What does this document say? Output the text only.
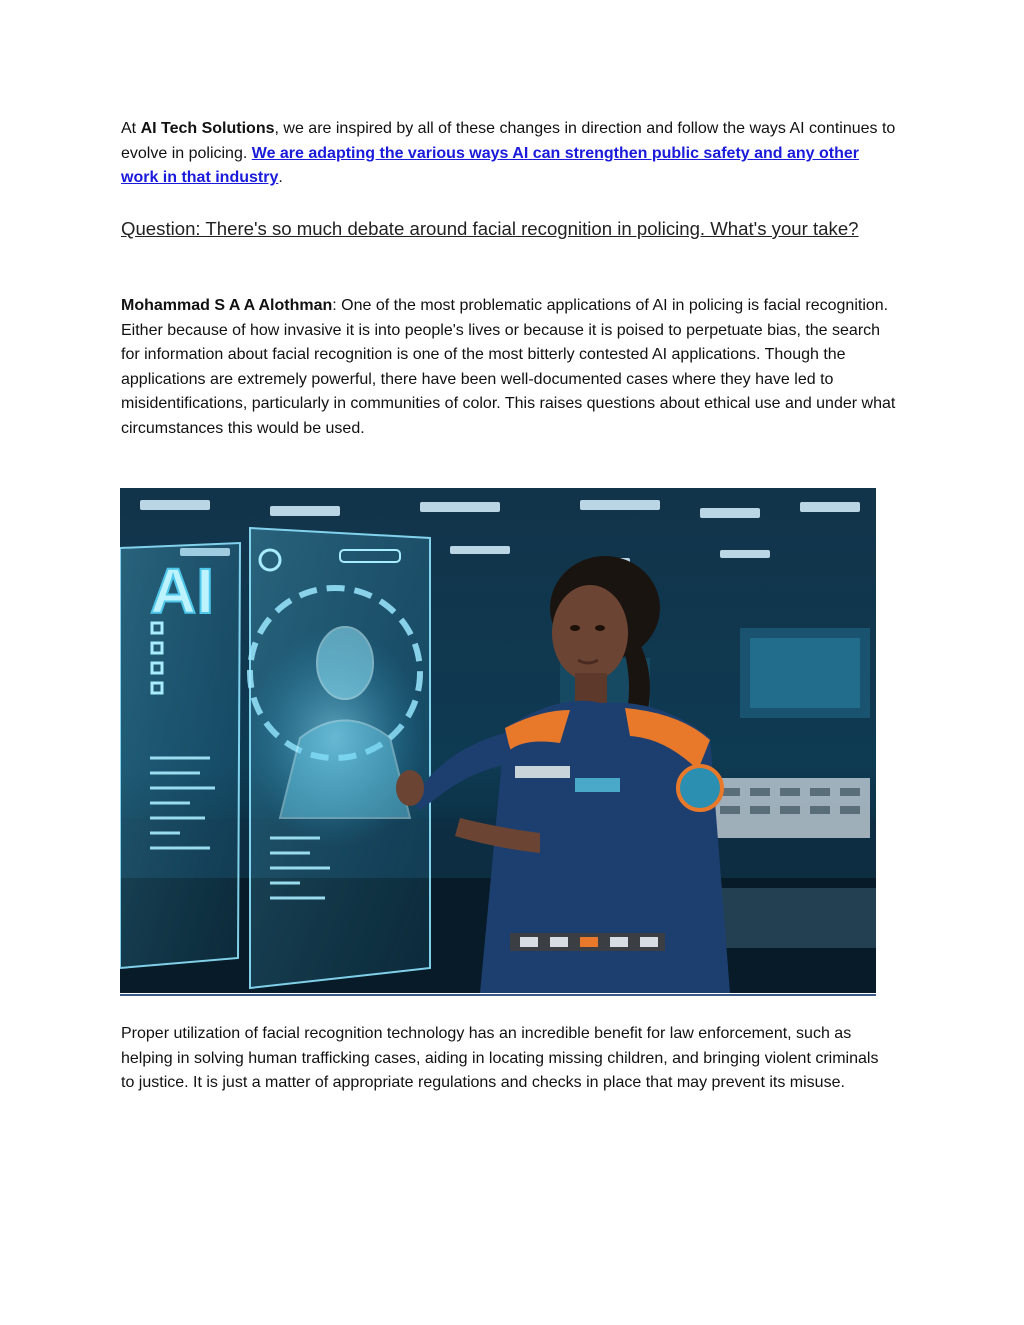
At AI Tech Solutions, we are inspired by all of these changes in direction and follow the ways AI continues to evolve in policing. We are adapting the various ways AI can strengthen public safety and any other work in that industry.

Question: There's so much debate around facial recognition in policing. What's your take?

Mohammad S A A Alothman: One of the most problematic applications of AI in policing is facial recognition. Either because of how invasive it is into people's lives or because it is poised to perpetuate bias, the search for information about facial recognition is one of the most bitterly contested AI applications. Though the applications are extremely powerful, there have been well-documented cases where they have led to misidentifications, particularly in communities of color. This raises questions about ethical use and under what circumstances this would be used.

AI

Proper utilization of facial recognition technology has an incredible benefit for law enforcement, such as helping in solving human trafficking cases, aiding in locating missing children, and bringing violent criminals to justice. It is just a matter of appropriate regulations and checks in place that may prevent its misuse.
